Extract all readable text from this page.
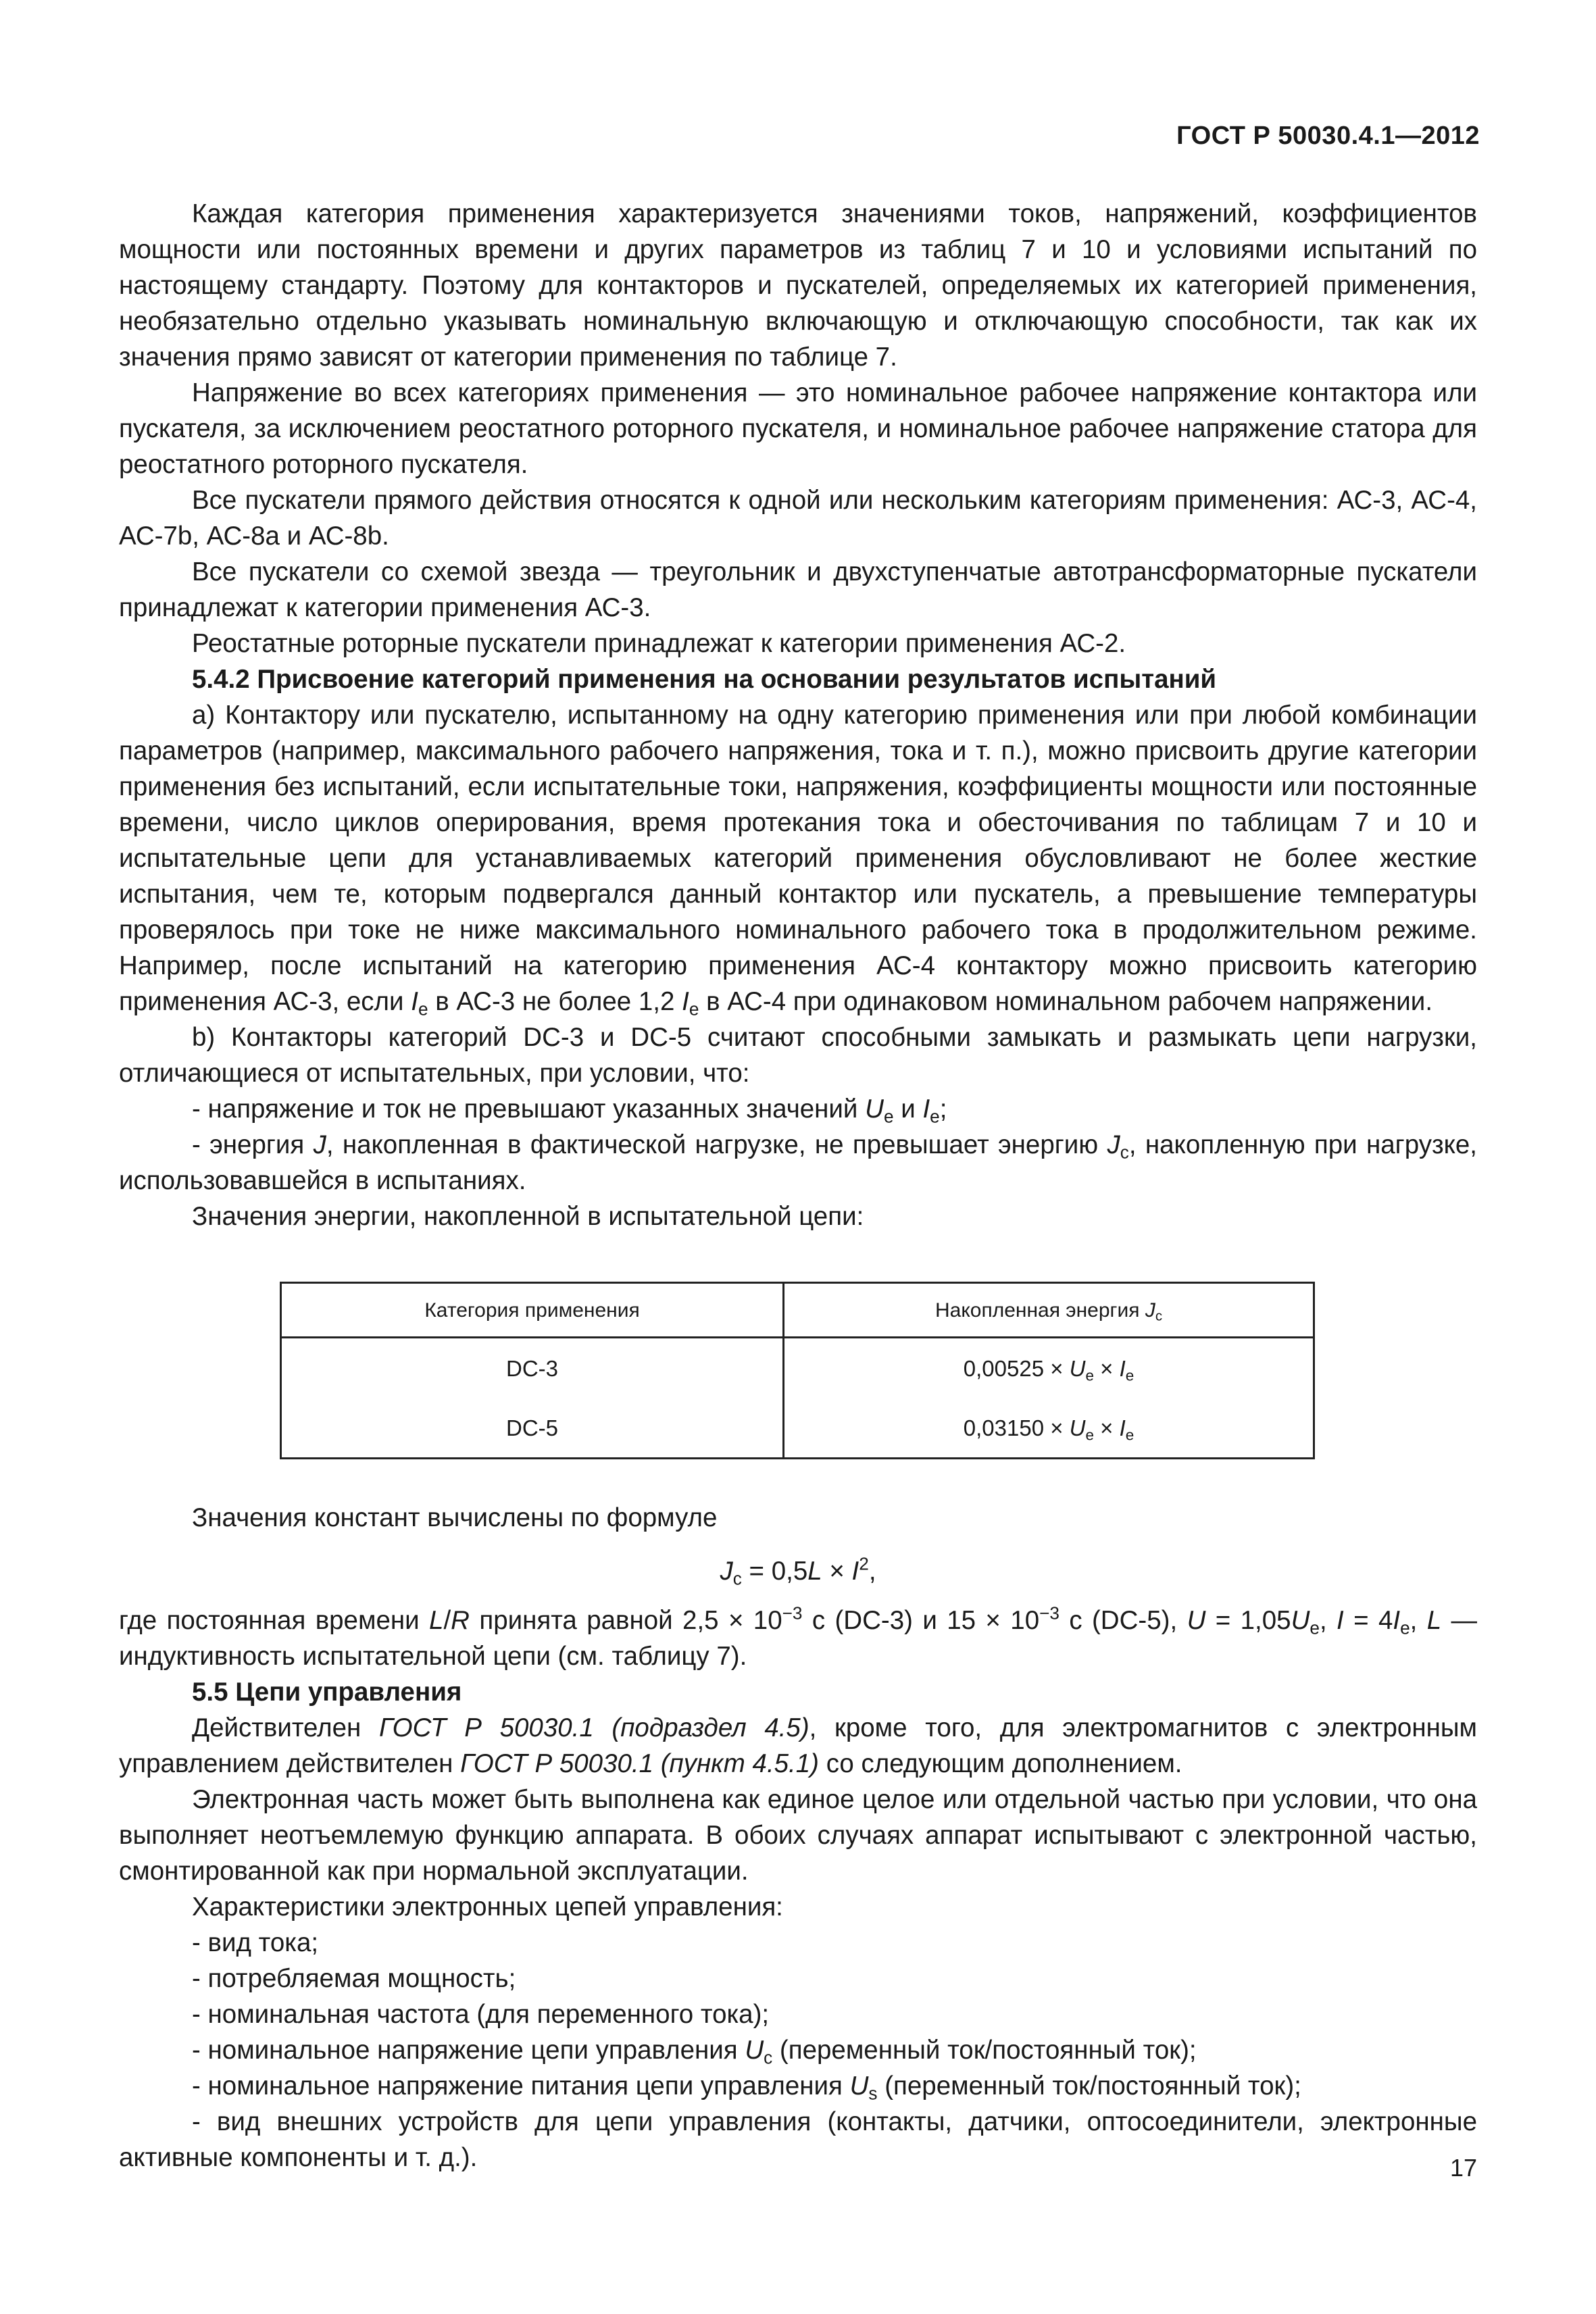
ГОСТ Р 50030.4.1—2012

Каждая категория применения характеризуется значениями токов, напряжений, коэффициентов мощности или постоянных времени и других параметров из таблиц 7 и 10 и условиями испытаний по настоящему стандарту. Поэтому для контакторов и пускателей, определяемых их категорией применения, необязательно отдельно указывать номинальную включающую и отключающую способности, так как их значения прямо зависят от категории применения по таблице 7.

Напряжение во всех категориях применения — это номинальное рабочее напряжение контактора или пускателя, за исключением реостатного роторного пускателя, и номинальное рабочее напряжение статора для реостатного роторного пускателя.

Все пускатели прямого действия относятся к одной или нескольким категориям применения: АС-3, АС-4, АС-7b, АС-8а и АС-8b.

Все пускатели со схемой звезда — треугольник и двухступенчатые автотрансформаторные пускатели принадлежат к категории применения АС-3.

Реостатные роторные пускатели принадлежат к категории применения АС-2.

5.4.2 Присвоение категорий применения на основании результатов испытаний

а) Контактору или пускателю, испытанному на одну категорию применения или при любой комбинации параметров (например, максимального рабочего напряжения, тока и т. п.), можно присвоить другие категории применения без испытаний, если испытательные токи, напряжения, коэффициенты мощности или постоянные времени, число циклов оперирования, время протекания тока и обесточивания по таблицам 7 и 10 и испытательные цепи для устанавливаемых категорий применения обусловливают не более жесткие испытания, чем те, которым подвергался данный контактор или пускатель, а превышение температуры проверялось при токе не ниже максимального номинального рабочего тока в продолжительном режиме. Например, после испытаний на категорию применения АС-4 контактору можно присвоить категорию применения АС-3, если $I_e$ в АС-3 не более 1,2 $I_e$ в АС-4 при одинаковом номинальном рабочем напряжении.

b) Контакторы категорий DC-3 и DC-5 считают способными замыкать и размыкать цепи нагрузки, отличающиеся от испытательных, при условии, что:

- напряжение и ток не превышают указанных значений $U_e$ и $I_e$;

- энергия J, накопленная в фактической нагрузке, не превышает энергию $J_c$, накопленную при нагрузке, использовавшейся в испытаниях.

Значения энергии, накопленной в испытательной цепи:

Категория применения	Накопленная энергия $J_c$
DC-3	$0,00525 \times U_e \times I_e$
DC-5	$0,03150 \times U_e \times I_e$

Значения констант вычислены по формуле

$J_c = 0,5L \times I^2$,

где постоянная времени L/R принята равной $2,5 \times 10^{-3}$ с (DC-3) и $15 \times 10^{-3}$ с (DC-5), $U = 1,05U_e$, $I = 4I_e$, L — индуктивность испытательной цепи (см. таблицу 7).

5.5 Цепи управления

Действителен ГОСТ Р 50030.1 (подраздел 4.5), кроме того, для электромагнитов с электронным управлением действителен ГОСТ Р 50030.1 (пункт 4.5.1) со следующим дополнением.

Электронная часть может быть выполнена как единое целое или отдельной частью при условии, что она выполняет неотъемлемую функцию аппарата. В обоих случаях аппарат испытывают с электронной частью, смонтированной как при нормальной эксплуатации.

Характеристики электронных цепей управления:

- вид тока;

- потребляемая мощность;

- номинальная частота (для переменного тока);

- номинальное напряжение цепи управления $U_c$ (переменный ток/постоянный ток);

- номинальное напряжение питания цепи управления $U_s$ (переменный ток/постоянный ток);

- вид внешних устройств для цепи управления (контакты, датчики, оптосоединители, электронные активные компоненты и т. д.).	17
